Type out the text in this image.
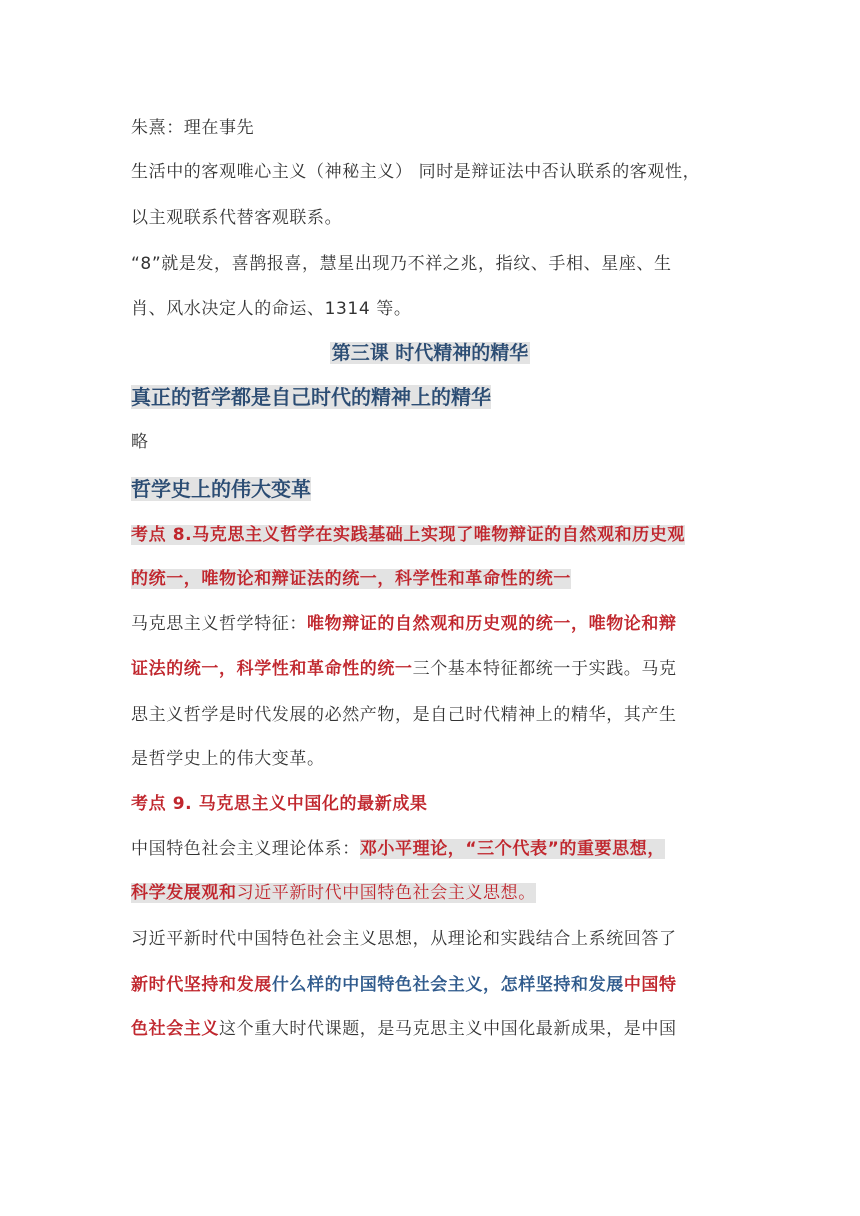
朱熹：理在事先
生活中的客观唯心主义（神秘主义） 同时是辩证法中否认联系的客观性，
以主观联系代替客观联系。
“8”就是发，喜鹊报喜，慧星出现乃不祥之兆，指纹、手相、星座、生
肖、风水决定人的命运、1314 等。
第三课 时代精神的精华
真正的哲学都是自己时代的精神上的精华
略
哲学史上的伟大变革
考点 8.马克思主义哲学在实践基础上实现了唯物辩证的自然观和历史观
的统一，唯物论和辩证法的统一，科学性和革命性的统一
马克思主义哲学特征：唯物辩证的自然观和历史观的统一，唯物论和辩
证法的统一，科学性和革命性的统一三个基本特征都统一于实践。马克
思主义哲学是时代发展的必然产物，是自己时代精神上的精华，其产生
是哲学史上的伟大变革。
考点 9. 马克思主义中国化的最新成果
中国特色社会主义理论体系：邓小平理论，“三个代表”的重要思想，
科学发展观和习近平新时代中国特色社会主义思想。
习近平新时代中国特色社会主义思想，从理论和实践结合上系统回答了
新时代坚持和发展什么样的中国特色社会主义，怎样坚持和发展中国特
色社会主义这个重大时代课题，是马克思主义中国化最新成果，是中国
